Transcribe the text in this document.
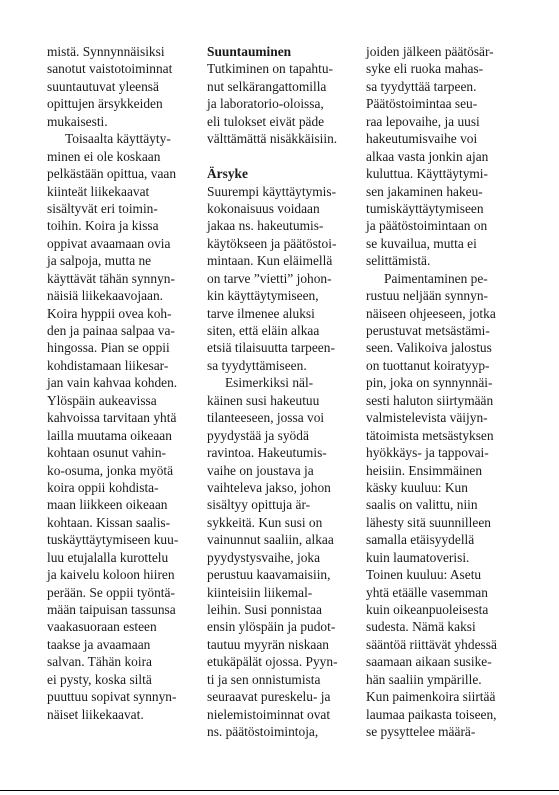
mistä. Synnynnäisiksi
sanotut vaistotoiminnat
suuntautuvat yleensä
opittujen ärsykkeiden
mukaisesti.
Toisaalta käyttäyty-
minen ei ole koskaan
pelkästään opittua, vaan
kiinteät liikekaavat
sisältyvät eri toimin-
toihin. Koira ja kissa
oppivat avaamaan ovia
ja salpoja, mutta ne
käyttävät tähän synnyn-
näisiä liikekaavojaan.
Koira hyppii ovea koh-
den ja painaa salpaa va-
hingossa. Pian se oppii
kohdistamaan liikesar-
jan vain kahvaa kohden.
Ylöspäin aukeavissa
kahvoissa tarvitaan yhtä
lailla muutama oikeaan
kohtaan osunut vahin-
ko-osuma, jonka myötä
koira oppii kohdista-
maan liikkeen oikeaan
kohtaan. Kissan saalis-
tuskäyttäytymiseen kuu-
luu etujalalla kurottelu
ja kaivelu koloon hiiren
perään. Se oppii työntä-
mään taipuisan tassunsa
vaakasuoraan esteen
taakse ja avaamaan
salvan. Tähän koira
ei pysty, koska siltä
puuttuu sopivat synnyn-
näiset liikekaavat.
Suuntauminen
Tutkiminen on tapahtu-
nut selkärangattomilla
ja laboratorio-oloissa,
eli tulokset eivät päde
välttämättä nisäkkäisiin.
Ärsyke
Suurempi käyttäytymis-
kokonaisuus voidaan
jakaa ns. hakeutumis-
käytökseen ja päätöstoi-
mintaan. Kun eläimellä
on tarve ”vietti” johon-
kin käyttäytymiseen,
tarve ilmenee aluksi
siten, että eläin alkaa
etsiä tilaisuutta tarpeen-
sa tyydyttämiseen.
Esimerkiksi näl-
käinen susi hakeutuu
tilanteeseen, jossa voi
pyydystää ja syödä
ravintoa. Hakeutumis-
vaihe on joustava ja
vaihteleva jakso, johon
sisältyy opittuja är-
sykkeitä. Kun susi on
vainunnut saaliin, alkaa
pyydystysvaihe, joka
perustuu kaavamaisiin,
kiinteisiin liikemal-
leihin. Susi ponnistaa
ensin ylöspäin ja pudot-
tautuu myyrän niskaan
etukäpälät ojossa. Pyyn-
ti ja sen onnistumista
seuraavat pureskelu- ja
nielemistoiminnat ovat
ns. päätöstoimintoja,
joiden jälkeen päätösär-
syke eli ruoka mahas-
sa tyydyttää tarpeen.
Päätöstoimintaa seu-
raa lepovaihe, ja uusi
hakeutumisvaihe voi
alkaa vasta jonkin ajan
kuluttua. Käyttäytymi-
sen jakaminen hakeu-
tumiskäyttäytymiseen
ja päätöstoimintaan on
se kuvailua, mutta ei
selittämistä.
Paimentaminen pe-
rustuu neljään synnyn-
näiseen ohjeeseen, jotka
perustuvat metsästämi-
seen. Valikoiva jalostus
on tuottanut koiratyyp-
pin, joka on synnynnäi-
sesti haluton siirtymään
valmistelevista väijyn-
tätoimista metsästyksen
hyökkäys- ja tappovai-
heisiin. Ensimmäinen
käsky kuuluu: Kun
saalis on valittu, niin
lähesty sitä suunnilleen
samalla etäisyydellä
kuin laumatoverisi.
Toinen kuuluu: Asetu
yhtä etäälle vasemman
kuin oikeanpuoleisesta
sudesta. Nämä kaksi
sääntöä riittävät yhdessä
saamaan aikaan susike-
hän saaliin ympärille.
Kun paimenkoira siirtää
laumaa paikasta toiseen,
se pysyttelee määrä-
